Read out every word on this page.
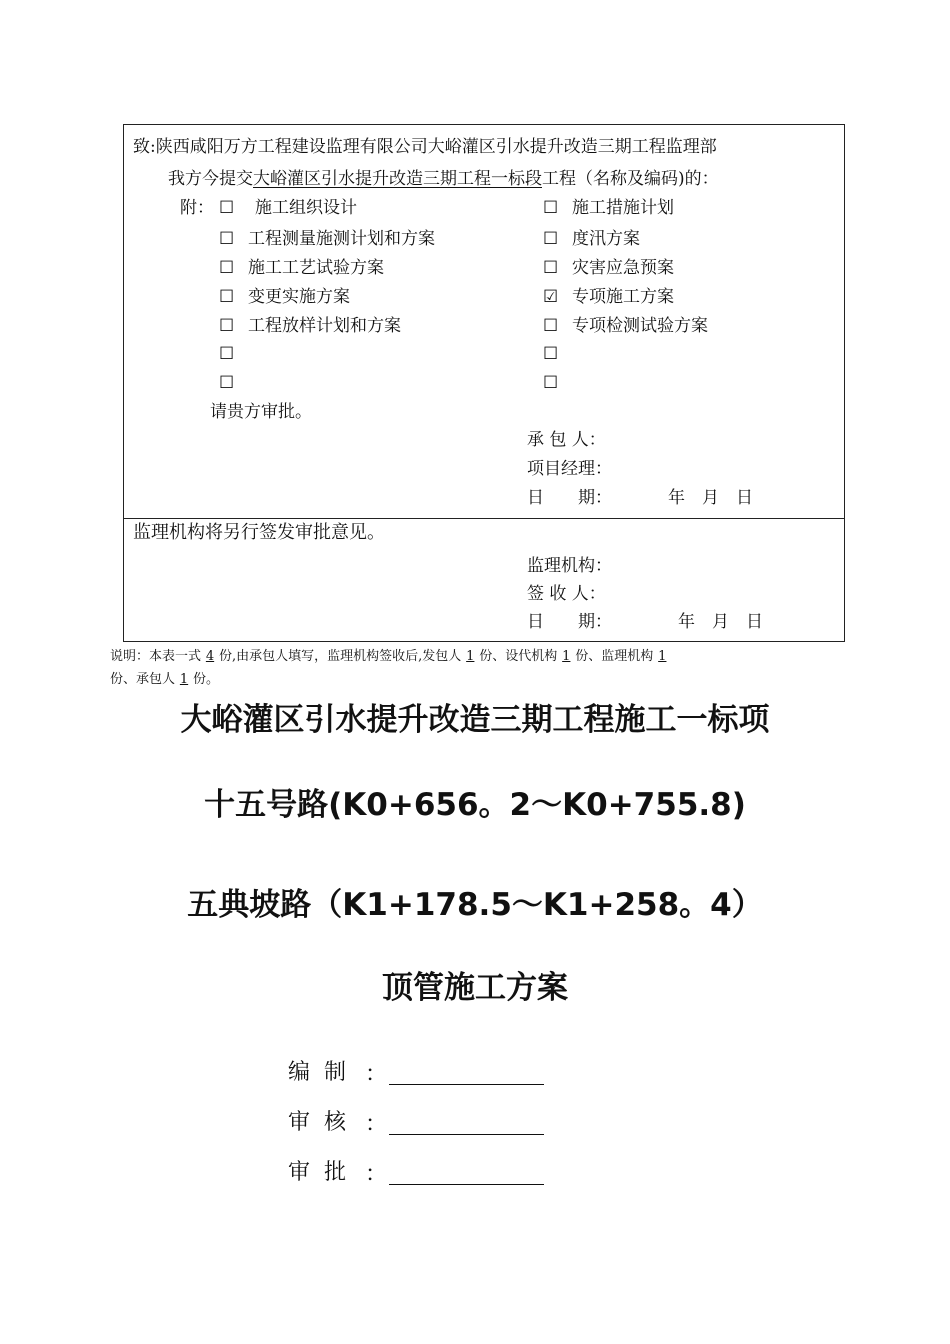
致:陕西咸阳万方工程建设监理有限公司大峪灌区引水提升改造三期工程监理部
我方今提交大峪灌区引水提升改造三期工程一标段工程（名称及编码)的：
附： ☐ 施工组织设计
☐ 工程测量施测计划和方案
☐ 施工工艺试验方案
☐ 变更实施方案
☐ 工程放样计划和方案
☐
☐
☐ 施工措施计划
☐ 度汛方案
☐ 灾害应急预案
☑ 专项施工方案
☐ 专项检测试验方案
☐
☐
请贵方审批。
承 包 人：
项目经理：
日　　期：	年　月　日
监理机构将另行签发审批意见。
监理机构：
签 收 人：
日　　期：	年　月　日
说明：本表一式 4 份,由承包人填写，监理机构签收后,发包人 1 份、设代机构 1 份、监理机构 1
份、承包人 1 份。
大峪灌区引水提升改造三期工程施工一标项
十五号路(K0+656。2～K0+755.8)
五典坡路（K1+178.5～K1+258。4）
顶管施工方案
编制 ：
审核 ：
审批 ：
